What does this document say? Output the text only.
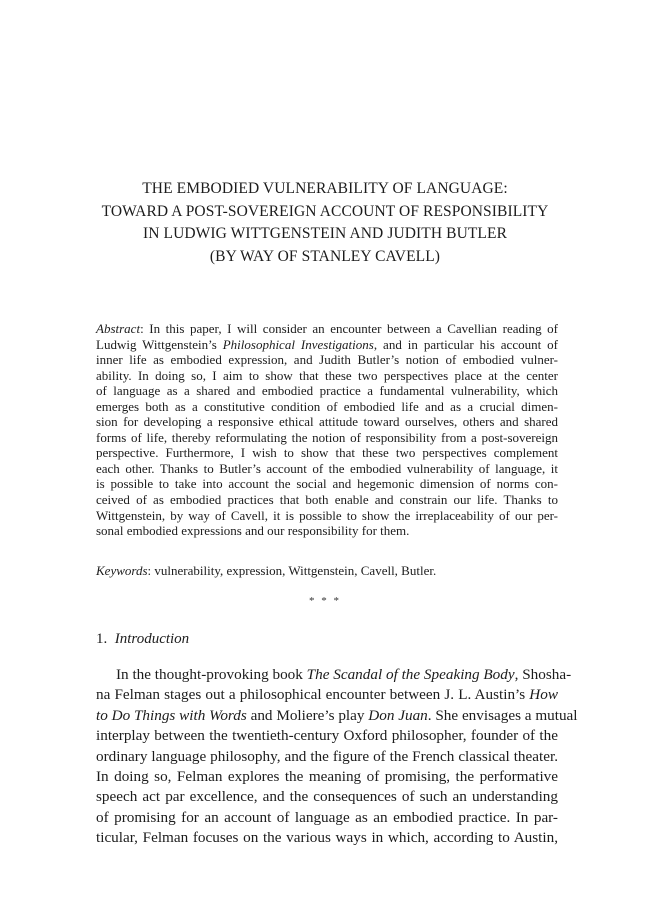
THE EMBODIED VULNERABILITY OF LANGUAGE:
TOWARD A POST-SOVEREIGN ACCOUNT OF RESPONSIBILITY
IN LUDWIG WITTGENSTEIN AND JUDITH BUTLER
(BY WAY OF STANLEY CAVELL)
Abstract: In this paper, I will consider an encounter between a Cavellian reading of
Ludwig Wittgenstein’s Philosophical Investigations, and in particular his account of
inner life as embodied expression, and Judith Butler’s notion of embodied vulner-
ability. In doing so, I aim to show that these two perspectives place at the center
of language as a shared and embodied practice a fundamental vulnerability, which
emerges both as a constitutive condition of embodied life and as a crucial dimen-
sion for developing a responsive ethical attitude toward ourselves, others and shared
forms of life, thereby reformulating the notion of responsibility from a post-sovereign
perspective. Furthermore, I wish to show that these two perspectives complement
each other. Thanks to Butler’s account of the embodied vulnerability of language, it
is possible to take into account the social and hegemonic dimension of norms con-
ceived of as embodied practices that both enable and constrain our life. Thanks to
Wittgenstein, by way of Cavell, it is possible to show the irreplaceability of our per-
sonal embodied expressions and our responsibility for them.
Keywords: vulnerability, expression, Wittgenstein, Cavell, Butler.
* * *
1. Introduction
In the thought-provoking book The Scandal of the Speaking Body, Shosha-
na Felman stages out a philosophical encounter between J. L. Austin’s How
to Do Things with Words and Moliere’s play Don Juan. She envisages a mutual
interplay between the twentieth-century Oxford philosopher, founder of the
ordinary language philosophy, and the figure of the French classical theater.
In doing so, Felman explores the meaning of promising, the performative
speech act par excellence, and the consequences of such an understanding
of promising for an account of language as an embodied practice. In par-
ticular, Felman focuses on the various ways in which, according to Austin,
